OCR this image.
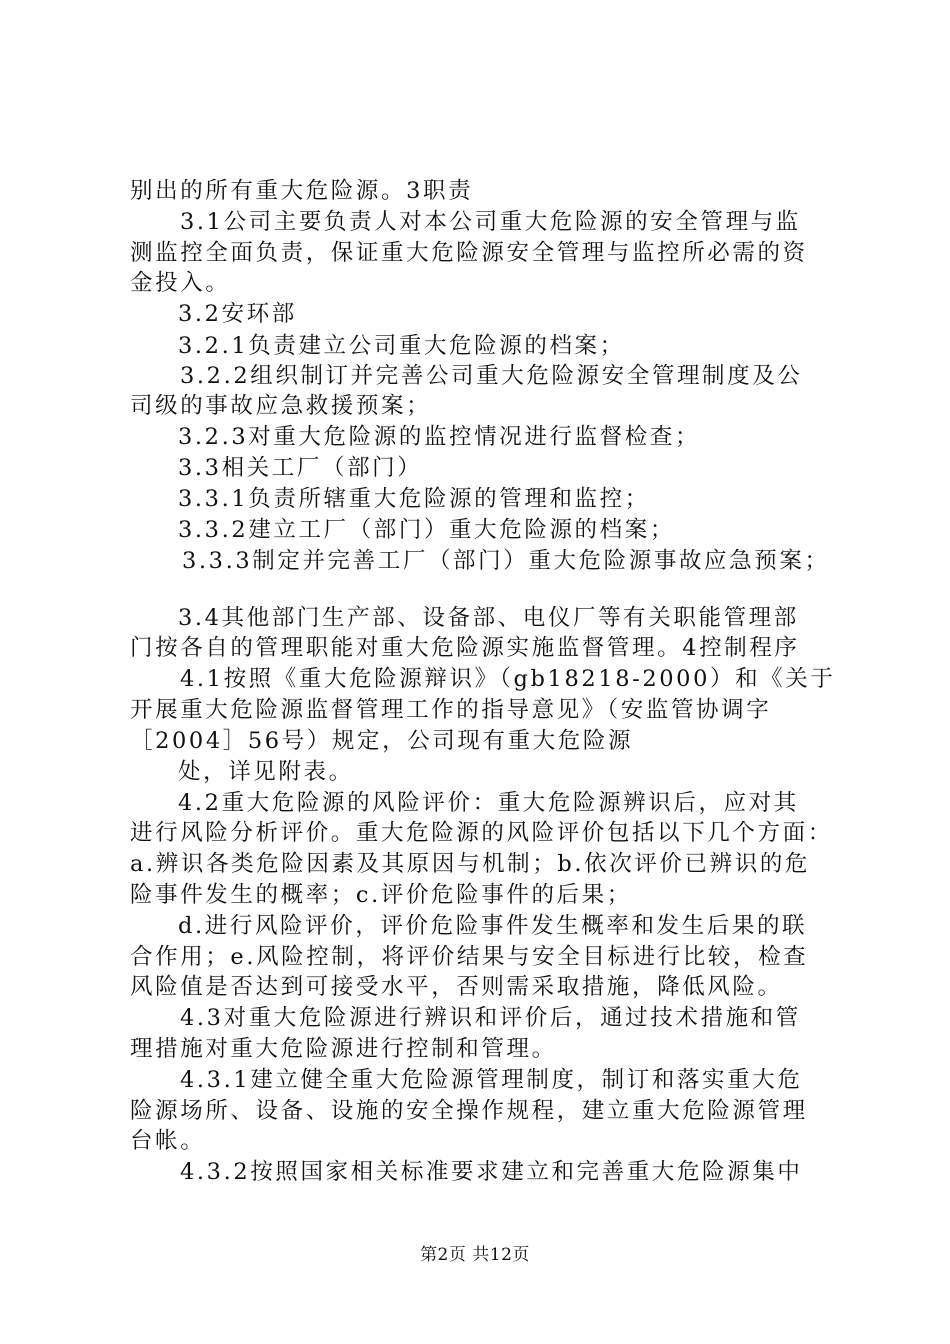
别出的所有重大危险源。3职责
3.1公司主要负责人对本公司重大危险源的安全管理与监
测监控全面负责，保证重大危险源安全管理与监控所必需的资
金投入。
3.2安环部
3.2.1负责建立公司重大危险源的档案；
3.2.2组织制订并完善公司重大危险源安全管理制度及公
司级的事故应急救援预案；
3.2.3对重大危险源的监控情况进行监督检查；
3.3相关工厂（部门）
3.3.1负责所辖重大危险源的管理和监控；
3.3.2建立工厂（部门）重大危险源的档案；
3.3.3制定并完善工厂（部门）重大危险源事故应急预案；
3.4其他部门生产部、设备部、电仪厂等有关职能管理部
门按各自的管理职能对重大危险源实施监督管理。4控制程序
4.1按照《重大危险源辩识》（gb18218-2000）和《关于
开展重大危险源监督管理工作的指导意见》（安监管协调字
［2004］56号）规定，公司现有重大危险源
处，详见附表。
4.2重大危险源的风险评价：重大危险源辨识后，应对其
进行风险分析评价。重大危险源的风险评价包括以下几个方面：
a.辨识各类危险因素及其原因与机制；b.依次评价已辨识的危
险事件发生的概率；c.评价危险事件的后果；
d.进行风险评价，评价危险事件发生概率和发生后果的联
合作用；e.风险控制，将评价结果与安全目标进行比较，检查
风险值是否达到可接受水平，否则需采取措施，降低风险。
4.3对重大危险源进行辨识和评价后，通过技术措施和管
理措施对重大危险源进行控制和管理。
4.3.1建立健全重大危险源管理制度，制订和落实重大危
险源场所、设备、设施的安全操作规程，建立重大危险源管理
台帐。
4.3.2按照国家相关标准要求建立和完善重大危险源集中
第2页 共12页
